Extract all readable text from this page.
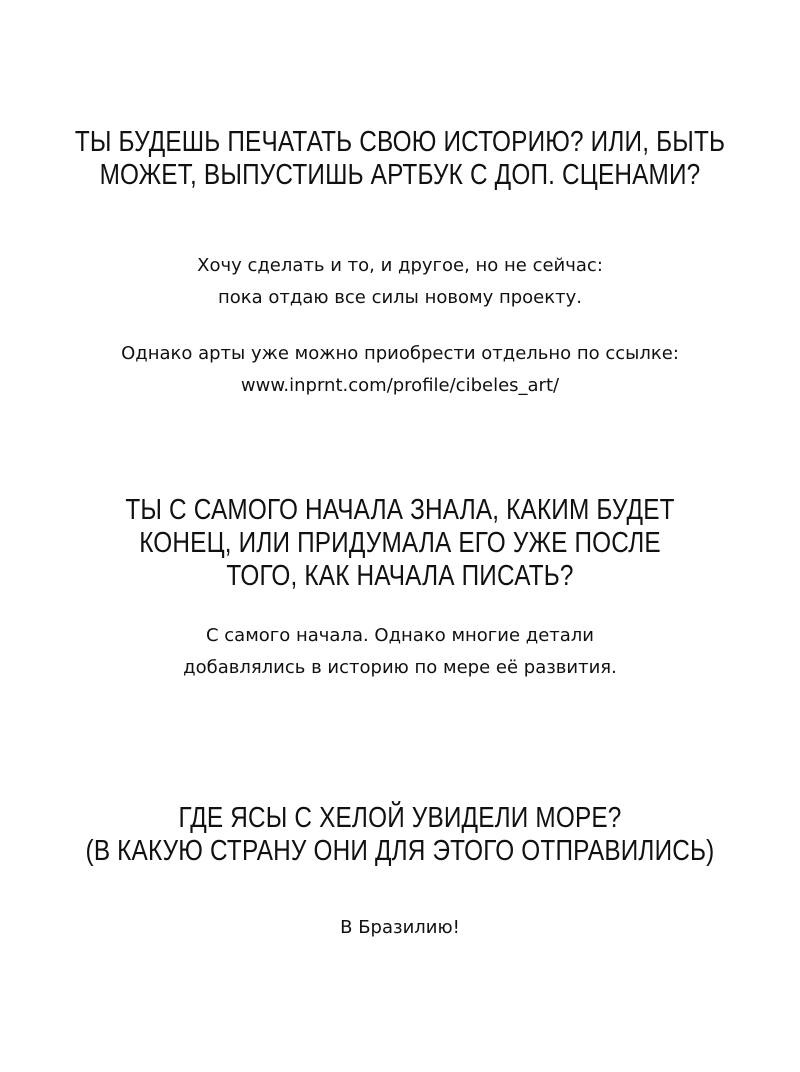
ТЫ БУДЕШЬ ПЕЧАТАТЬ СВОЮ ИСТОРИЮ? ИЛИ, БЫТЬ
МОЖЕТ, ВЫПУСТИШЬ АРТБУК С ДОП. СЦЕНАМИ?
Хочу сделать и то, и другое, но не сейчас:
пока отдаю все силы новому проекту.
Однако арты уже можно приобрести отдельно по ссылке:
www.inprnt.com/profile/cibeles_art/
ТЫ С САМОГО НАЧАЛА ЗНАЛА, КАКИМ БУДЕТ
КОНЕЦ, ИЛИ ПРИДУМАЛА ЕГО УЖЕ ПОСЛЕ
ТОГО, КАК НАЧАЛА ПИСАТЬ?
С самого начала. Однако многие детали
добавлялись в историю по мере её развития.
ГДЕ ЯСЫ С ХЕЛОЙ УВИДЕЛИ МОРЕ?
(В КАКУЮ СТРАНУ ОНИ ДЛЯ ЭТОГО ОТПРАВИЛИСЬ)
В Бразилию!
